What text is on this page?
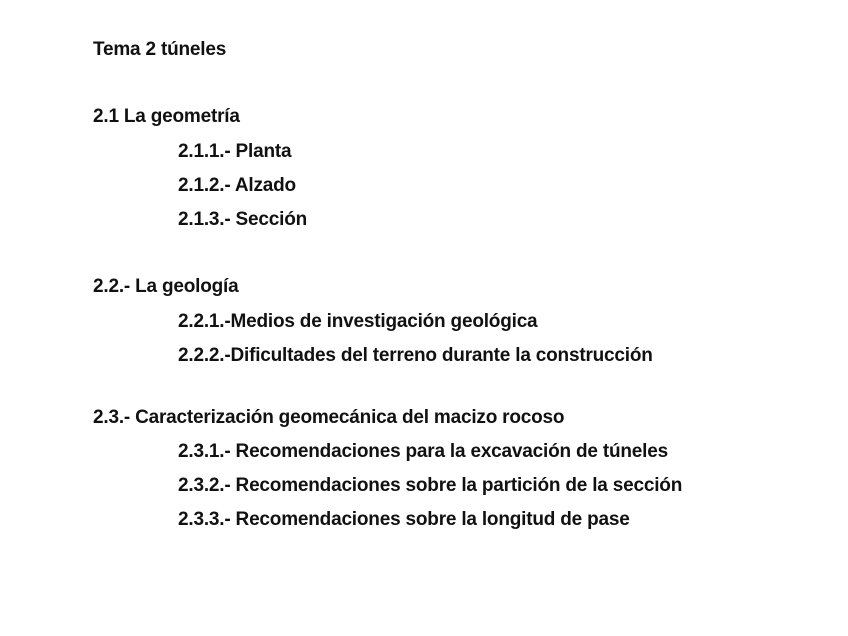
Tema 2 túneles
2.1 La geometría
2.1.1.- Planta
2.1.2.- Alzado
2.1.3.- Sección
2.2.- La geología
2.2.1.-Medios de investigación geológica
2.2.2.-Dificultades del terreno durante la construcción
2.3.- Caracterización geomecánica del macizo rocoso
2.3.1.- Recomendaciones para la excavación de túneles
2.3.2.- Recomendaciones sobre la partición de la sección
2.3.3.- Recomendaciones sobre la longitud de pase
